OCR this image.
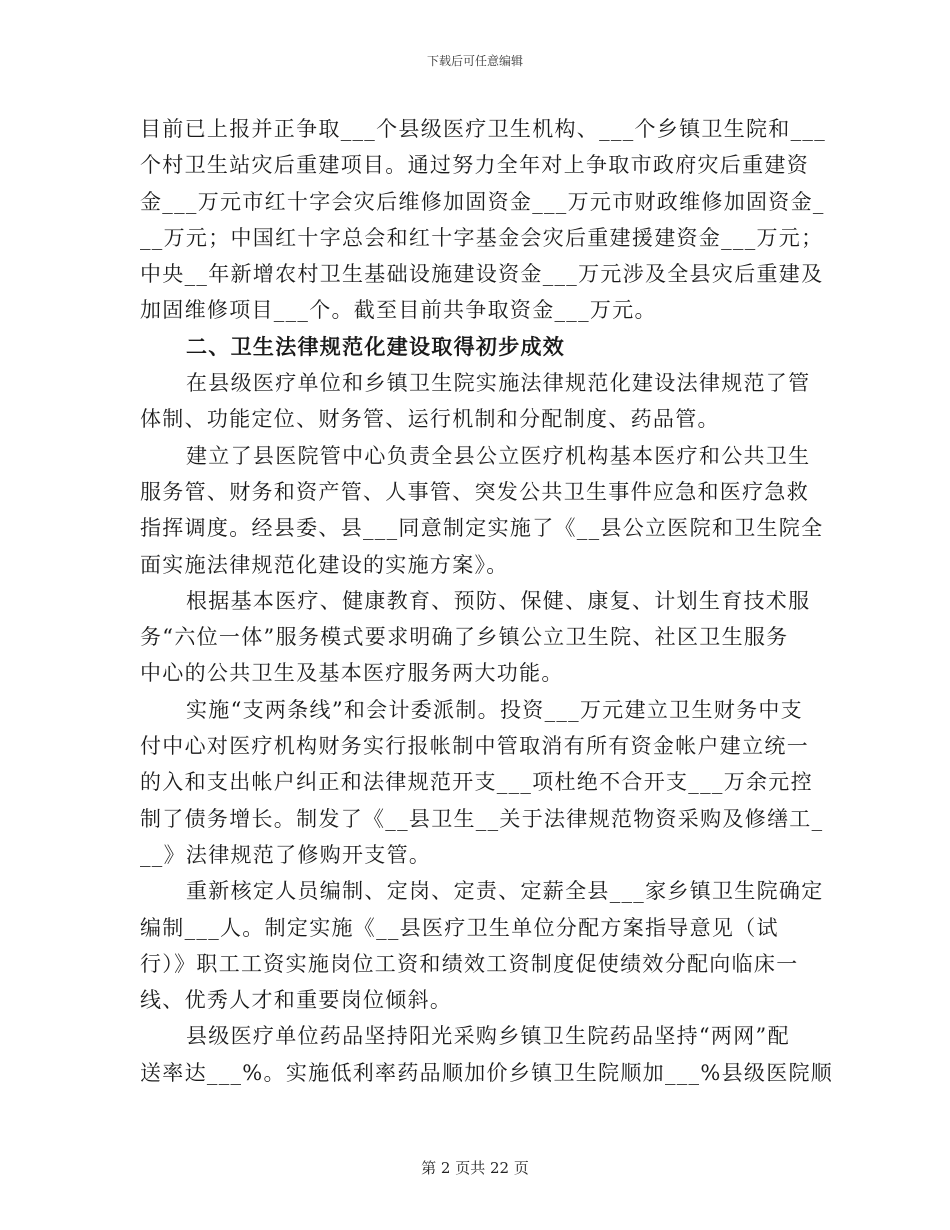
下载后可任意编辑
目前已上报并正争取___个县级医疗卫生机构、___个乡镇卫生院和___
个村卫生站灾后重建项目。通过努力全年对上争取市政府灾后重建资
金___万元市红十字会灾后维修加固资金___万元市财政维修加固资金_
__万元；中国红十字总会和红十字基金会灾后重建援建资金___万元；
中央__年新增农村卫生基础设施建设资金___万元涉及全县灾后重建及
加固维修项目___个。截至目前共争取资金___万元。
二、卫生法律规范化建设取得初步成效
在县级医疗单位和乡镇卫生院实施法律规范化建设法律规范了管
体制、功能定位、财务管、运行机制和分配制度、药品管。
建立了县医院管中心负责全县公立医疗机构基本医疗和公共卫生
服务管、财务和资产管、人事管、突发公共卫生事件应急和医疗急救
指挥调度。经县委、县___同意制定实施了《__县公立医院和卫生院全
面实施法律规范化建设的实施方案》。
根据基本医疗、健康教育、预防、保健、康复、计划生育技术服
务“六位一体”服务模式要求明确了乡镇公立卫生院、社区卫生服务
中心的公共卫生及基本医疗服务两大功能。
实施“支两条线”和会计委派制。投资___万元建立卫生财务中支
付中心对医疗机构财务实行报帐制中管取消有所有资金帐户建立统一
的入和支出帐户纠正和法律规范开支___项杜绝不合开支___万余元控
制了债务增长。制发了《__县卫生__关于法律规范物资采购及修缮工_
__》法律规范了修购开支管。
重新核定人员编制、定岗、定责、定薪全县___家乡镇卫生院确定
编制___人。制定实施《__县医疗卫生单位分配方案指导意见（试
行）》职工工资实施岗位工资和绩效工资制度促使绩效分配向临床一
线、优秀人才和重要岗位倾斜。
县级医疗单位药品坚持阳光采购乡镇卫生院药品坚持“两网”配
送率达___%。实施低利率药品顺加价乡镇卫生院顺加___%县级医院顺
第 2 页共 22 页
